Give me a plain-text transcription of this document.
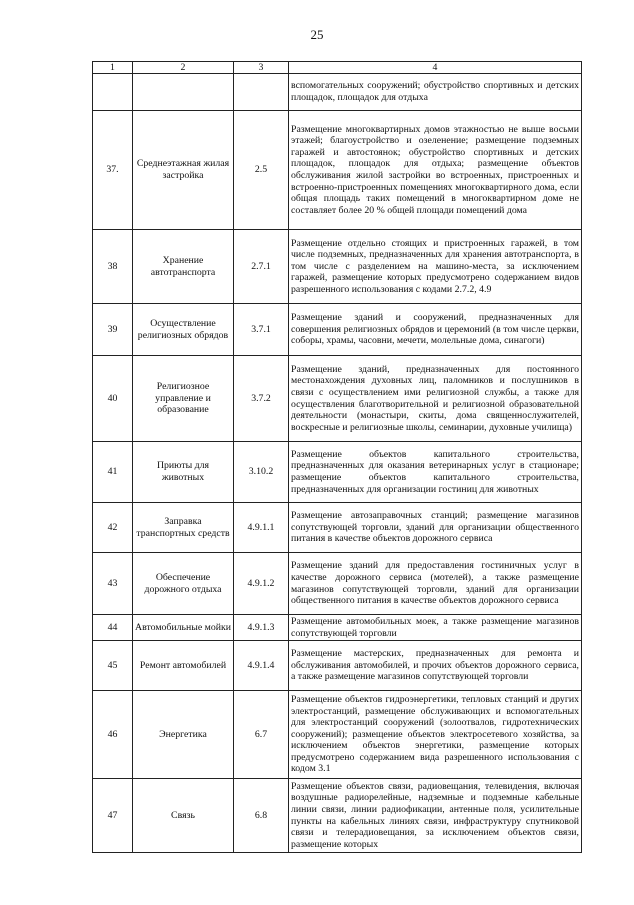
25
1	2	3	4
			вспомогательных сооружений; обустройство спортивных и детских площадок, площадок для отдыха
37.	Среднеэтажная жилая застройка	2.5	Размещение многоквартирных домов этажностью не выше восьми этажей; благоустройство и озеленение; размещение подземных гаражей и автостоянок; обустройство спортивных и детских площадок, площадок для отдыха; размещение объектов обслуживания жилой застройки во встроенных, пристроенных и встроенно-пристроенных помещениях многоквартирного дома, если общая площадь таких помещений в многоквартирном доме не составляет более 20 % общей площади помещений дома
38	Хранение автотранспорта	2.7.1	Размещение отдельно стоящих и пристроенных гаражей, в том числе подземных, предназначенных для хранения автотранспорта, в том числе с разделением на машино-места, за исключением гаражей, размещение которых предусмотрено содержанием видов разрешенного использования с кодами 2.7.2, 4.9
39	Осуществление религиозных обрядов	3.7.1	Размещение зданий и сооружений, предназначенных для совершения религиозных обрядов и церемоний (в том числе церкви, соборы, храмы, часовни, мечети, молельные дома, синагоги)
40	Религиозное управление и образование	3.7.2	Размещение зданий, предназначенных для постоянного местонахождения духовных лиц, паломников и послушников в связи с осуществлением ими религиозной службы, а также для осуществления благотворительной и религиозной образовательной деятельности (монастыри, скиты, дома священнослужителей, воскресные и религиозные школы, семинарии, духовные училища)
41	Приюты для животных	3.10.2	Размещение объектов капитального строительства, предназначенных для оказания ветеринарных услуг в стационаре; размещение объектов капитального строительства, предназначенных для организации гостиниц для животных
42	Заправка транспортных средств	4.9.1.1	Размещение автозаправочных станций; размещение магазинов сопутствующей торговли, зданий для организации общественного питания в качестве объектов дорожного сервиса
43	Обеспечение дорожного отдыха	4.9.1.2	Размещение зданий для предоставления гостиничных услуг в качестве дорожного сервиса (мотелей), а также размещение магазинов сопутствующей торговли, зданий для организации общественного питания в качестве объектов дорожного сервиса
44	Автомобильные мойки	4.9.1.3	Размещение автомобильных моек, а также размещение магазинов сопутствующей торговли
45	Ремонт автомобилей	4.9.1.4	Размещение мастерских, предназначенных для ремонта и обслуживания автомобилей, и прочих объектов дорожного сервиса, а также размещение магазинов сопутствующей торговли
46	Энергетика	6.7	Размещение объектов гидроэнергетики, тепловых станций и других электростанций, размещение обслуживающих и вспомогательных для электростанций сооружений (золоотвалов, гидротехнических сооружений); размещение объектов электросетевого хозяйства, за исключением объектов энергетики, размещение которых предусмотрено содержанием вида разрешенного использования с кодом 3.1
47	Связь	6.8	Размещение объектов связи, радиовещания, телевидения, включая воздушные радиорелейные, надземные и подземные кабельные линии связи, линии радиофикации, антенные поля, усилительные пункты на кабельных линиях связи, инфраструктуру спутниковой связи и телерадиовещания, за исключением объектов связи, размещение которых
